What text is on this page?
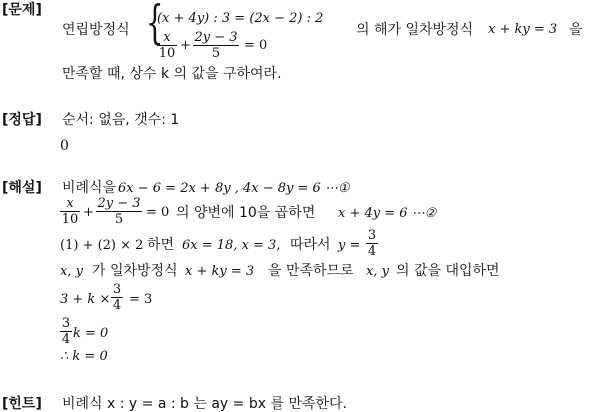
[문제]
연립방정식 {
(x + 4y) : 3 = (2x − 2) : 2
x
10
+
2y − 3
5
= 0
의 해가 일차방정식 x + ky = 3 을
만족할 때, 상수 k 의 값을 구하여라.
[정답] 순서: 없음, 갯수: 1
0
[해설] 비례식을 6x − 6 = 2x + 8y , 4x − 8y = 6 ⋯①
x
10 +
2y − 3
5	= 0 의 양변에 10을 곱하면 x + 4y = 6 ⋯②
(1) + (2) × 2 하면 6x = 18, x = 3, 따라서 y =
3
4
x, y 가 일차방정식 x + ky = 3 을 만족하므로 x, y 의 값을 대입하면
3 + k ×
3
4 = 3
3
4 k = 0
∴ k = 0
[힌트] 비례식 x : y = a : b 는 ay = bx 를 만족한다.
